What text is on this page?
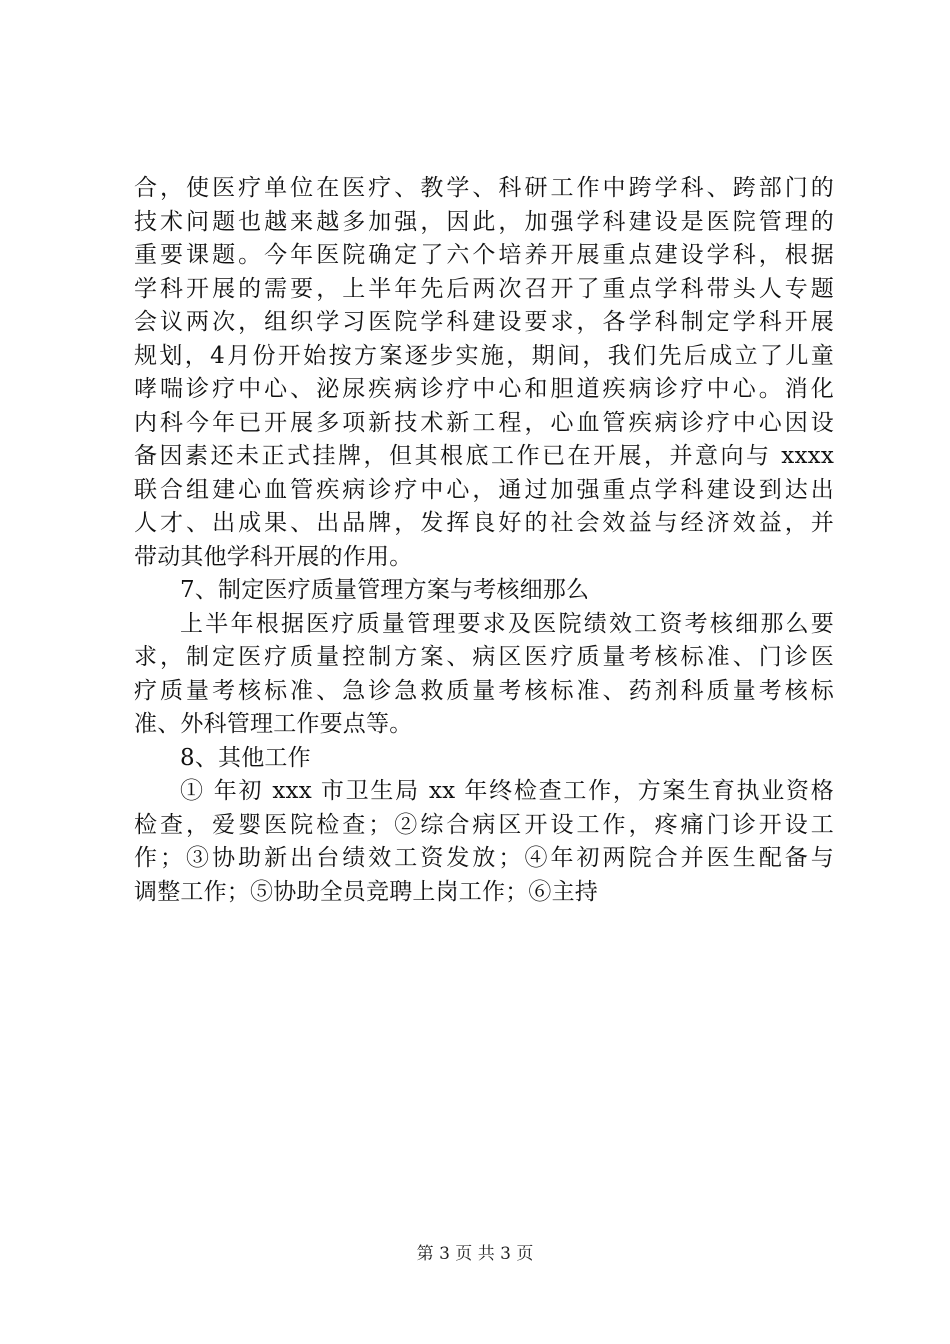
合，使医疗单位在医疗、教学、科研工作中跨学科、跨部门的
技术问题也越来越多加强，因此，加强学科建设是医院管理的
重要课题。今年医院确定了六个培养开展重点建设学科，根据
学科开展的需要，上半年先后两次召开了重点学科带头人专题
会议两次，组织学习医院学科建设要求，各学科制定学科开展
规划，4月份开始按方案逐步实施，期间，我们先后成立了儿童
哮喘诊疗中心、泌尿疾病诊疗中心和胆道疾病诊疗中心。消化
内科今年已开展多项新技术新工程，心血管疾病诊疗中心因设
备因素还未正式挂牌，但其根底工作已在开展，并意向与 xxxx
联合组建心血管疾病诊疗中心，通过加强重点学科建设到达出
人才、出成果、出品牌，发挥良好的社会效益与经济效益，并
带动其他学科开展的作用。
7、制定医疗质量管理方案与考核细那么
上半年根据医疗质量管理要求及医院绩效工资考核细那么要
求，制定医疗质量控制方案、病区医疗质量考核标准、门诊医
疗质量考核标准、急诊急救质量考核标准、药剂科质量考核标
准、外科管理工作要点等。
8、其他工作
① 年初 xxx 市卫生局 xx 年终检查工作，方案生育执业资格
检查，爱婴医院检查；②综合病区开设工作，疼痛门诊开设工
作；③协助新出台绩效工资发放；④年初两院合并医生配备与
调整工作；⑤协助全员竞聘上岗工作；⑥主持
第 3 页 共 3 页
